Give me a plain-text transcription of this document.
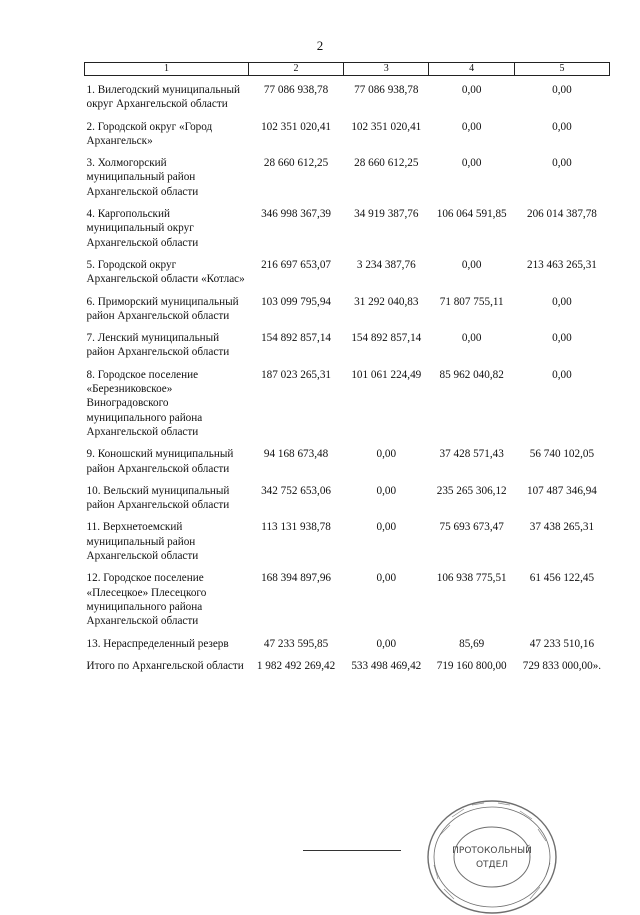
2
1	2	3	4	5

1. Вилегодский муниципальный округ Архангельской области	77 086 938,78	77 086 938,78	0,00	0,00
2. Городской округ «Город Архангельск»	102 351 020,41	102 351 020,41	0,00	0,00
3. Холмогорский муниципальный район Архангельской области	28 660 612,25	28 660 612,25	0,00	0,00
4. Каргопольский муниципальный округ Архангельской области	346 998 367,39	34 919 387,76	106 064 591,85	206 014 387,78
5. Городской округ Архангельской области «Котлас»	216 697 653,07	3 234 387,76	0,00	213 463 265,31
6. Приморский муниципальный район Архангельской области	103 099 795,94	31 292 040,83	71 807 755,11	0,00
7. Ленский муниципальный район Архангельской области	154 892 857,14	154 892 857,14	0,00	0,00
8. Городское поселение «Березниковское» Виноградовского муниципального района Архангельской области	187 023 265,31	101 061 224,49	85 962 040,82	0,00
9. Коношский муниципальный район Архангельской области	94 168 673,48	0,00	37 428 571,43	56 740 102,05
10. Вельский муниципальный район Архангельской области	342 752 653,06	0,00	235 265 306,12	107 487 346,94
11. Верхнетоемский муниципальный район Архангельской области	113 131 938,78	0,00	75 693 673,47	37 438 265,31
12. Городское поселение «Плесецкое» Плесецкого муниципального района Архангельской области	168 394 897,96	0,00	106 938 775,51	61 456 122,45
13. Нераспределенный резерв	47 233 595,85	0,00	85,69	47 233 510,16
Итого по Архангельской области	1 982 492 269,42	533 498 469,42	719 160 800,00	729 833 000,00».
ПРОТОКОЛЬНЫЙ
ОТДЕЛ
